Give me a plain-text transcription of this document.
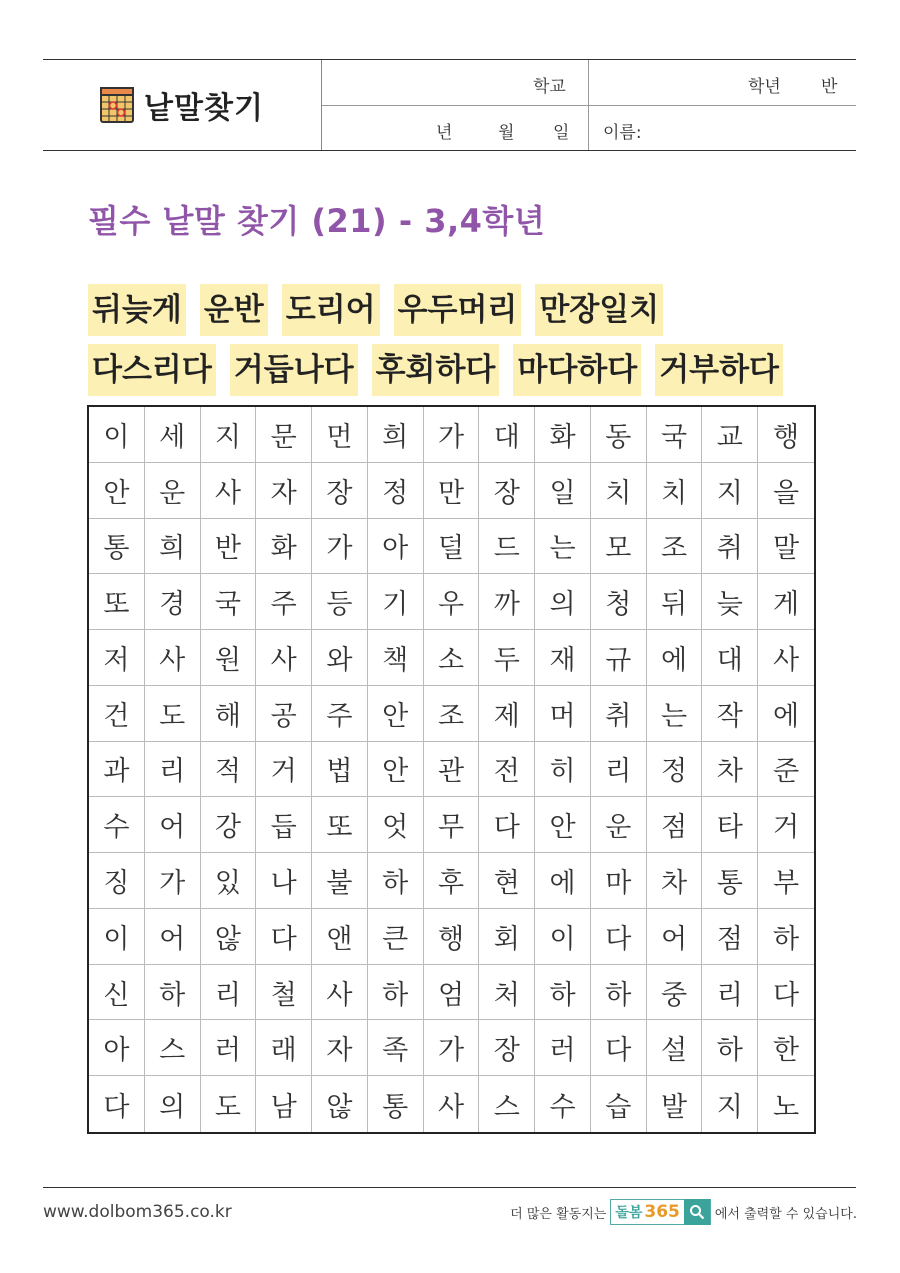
낱말찾기
학교	학년 반
년	월 일 이름:
필수 낱말 찾기 (21) - 3,4학년
뒤늦게 운반 도리어 우두머리 만장일치
다스리다 거듭나다 후회하다 마다하다 거부하다
이	세	지	문	먼	희	가	대	화	동	국	교	행
안	운	사	자	장	정	만	장	일	치	치	지	을
통	희	반	화	가	아	덜	드	는	모	조	취	말
또	경	국	주	등	기	우	까	의	청	뒤	늦	게
저	사	원	사	와	책	소	두	재	규	에	대	사
건	도	해	공	주	안	조	제	머	취	는	작	에
과	리	적	거	법	안	관	전	히	리	정	차	준
수	어	강	듭	또	엇	무	다	안	운	점	타	거
징	가	있	나	불	하	후	현	에	마	차	통	부
이	어	않	다	앤	큰	행	회	이	다	어	점	하
신	하	리	철	사	하	엄	처	하	하	중	리	다
아	스	러	래	자	족	가	장	러	다	설	하	한
다	의	도	남	않	통	사	스	수	습	발	지	노
www.dolbom365.co.kr	더 많은 활동지는 돌봄 365	에서 출력할 수 있습니다.
